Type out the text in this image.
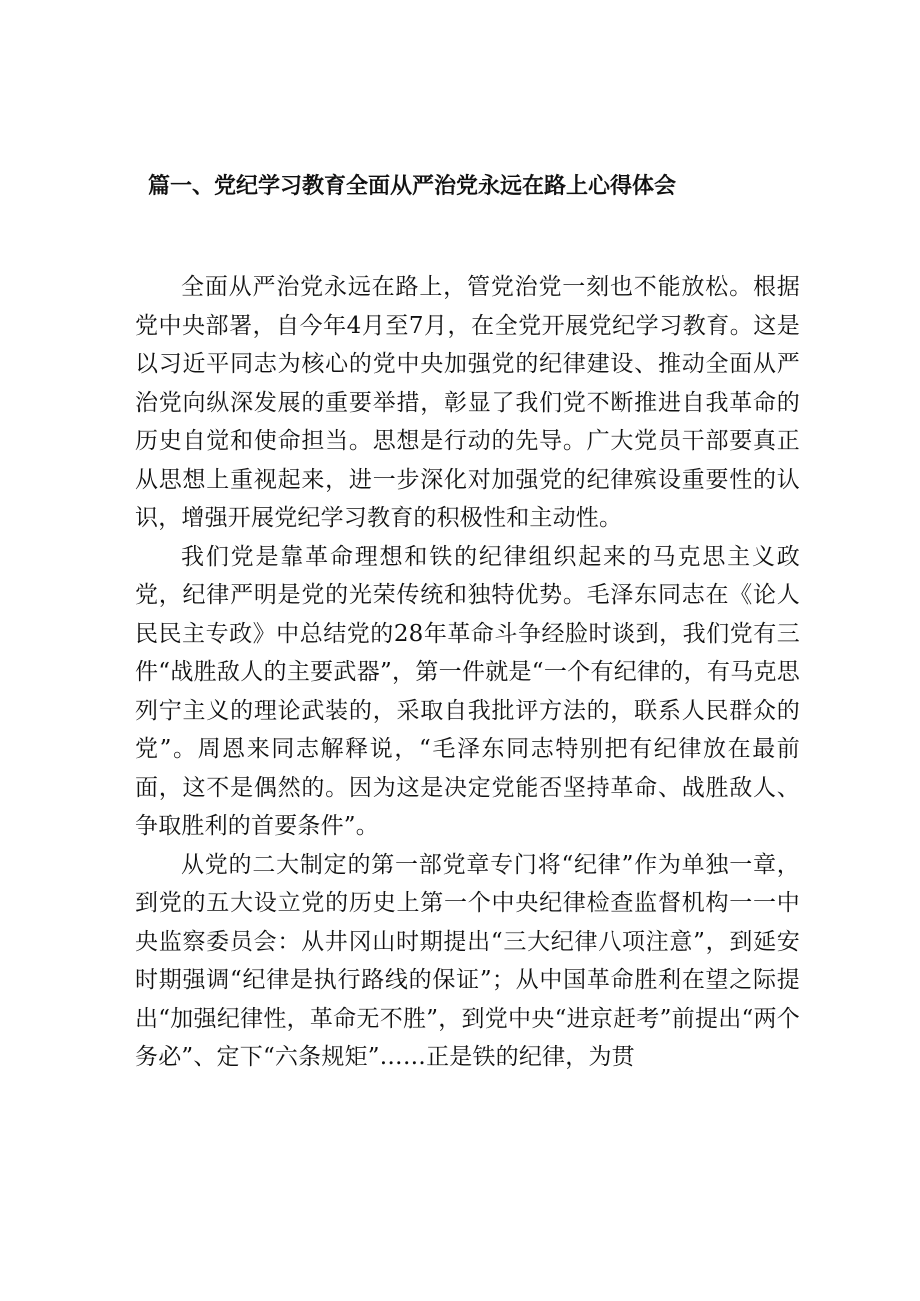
篇一、党纪学习教育全面从严治党永远在路上心得体会

全面从严治党永远在路上，管党治党一刻也不能放松。根据党中央部署，自今年4月至7月，在全党开展党纪学习教育。这是以习近平同志为核心的党中央加强党的纪律建设、推动全面从严治党向纵深发展的重要举措，彰显了我们党不断推进自我革命的历史自觉和使命担当。思想是行动的先导。广大党员干部要真正从思想上重视起来，进一步深化对加强党的纪律殡设重要性的认识，增强开展党纪学习教育的积极性和主动性。

我们党是靠革命理想和铁的纪律组织起来的马克思主义政党，纪律严明是党的光荣传统和独特优势。毛泽东同志在《论人民民主专政》中总结党的28年革命斗争经脸时谈到，我们党有三件“战胜敌人的主要武器”，第一件就是“一个有纪律的，有马克思列宁主义的理论武装的，采取自我批评方法的，联系人民群众的党”。周恩来同志解释说，“毛泽东同志特别把有纪律放在最前面，这不是偶然的。因为这是决定党能否坚持革命、战胜敌人、争取胜利的首要条件”。

从党的二大制定的第一部党章专门将“纪律”作为单独一章，到党的五大设立党的历史上第一个中央纪律检查监督机构一一中央监察委员会：从井冈山时期提出“三大纪律八项注意”，到延安时期强调“纪律是执行路线的保证”；从中国革命胜利在望之际提出“加强纪律性，革命无不胜”，到党中央“进京赶考”前提出“两个务必”、定下“六条规矩”……正是铁的纪律，为贯
